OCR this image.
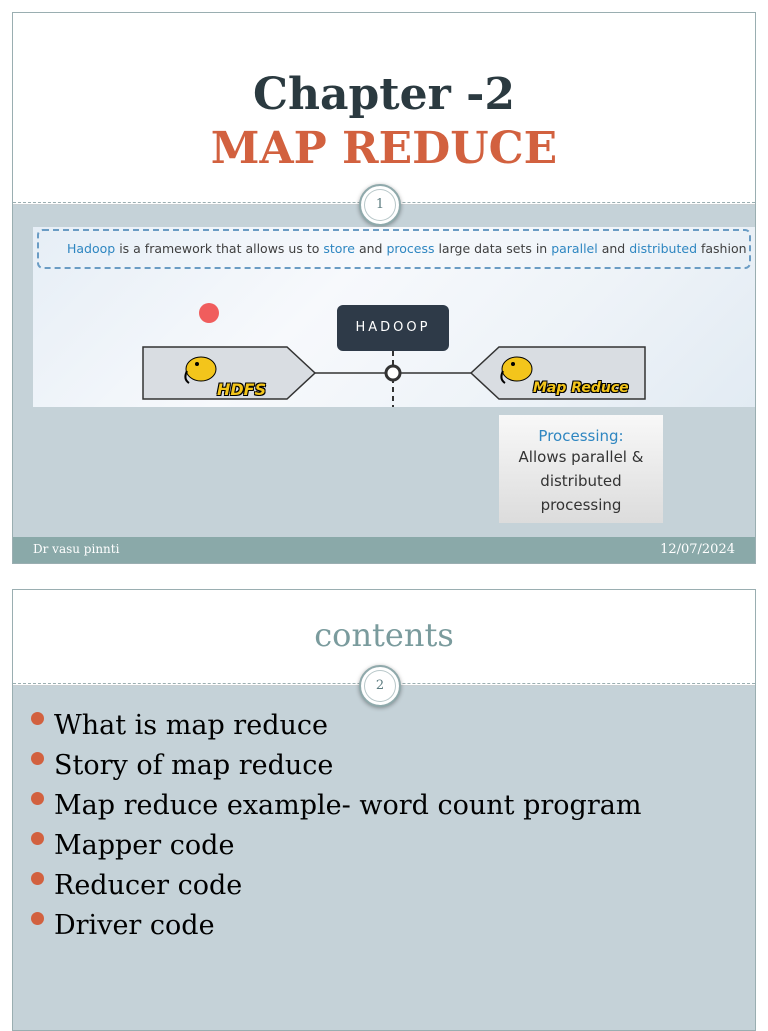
Chapter -2
MAP REDUCE
1
Hadoop is a framework that allows us to store and process large data sets in parallel and distributed fashion
HADOOP
HDFS	Map Reduce
Processing:
Allows parallel &
distributed
processing
Dr vasu pinnti	12/07/2024
contents
2
What is map reduce
Story of map reduce
Map reduce example- word count program
Mapper code
Reducer code
Driver code
